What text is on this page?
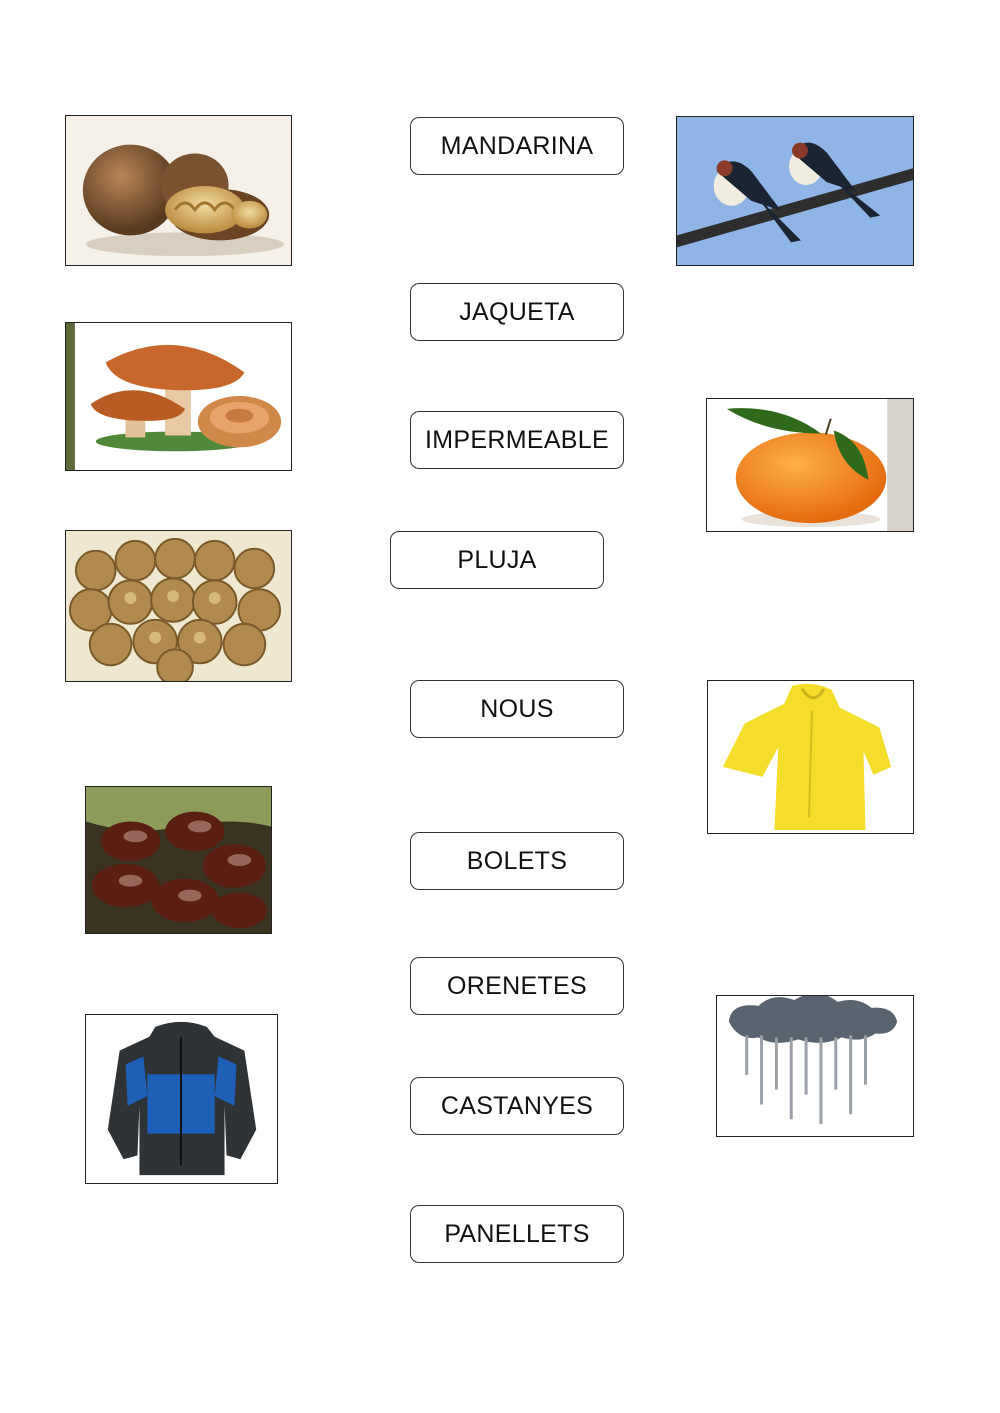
MANDARINA
JAQUETA
IMPERMEABLE
PLUJA
NOUS
BOLETS
ORENETES
CASTANYES
PANELLETS
